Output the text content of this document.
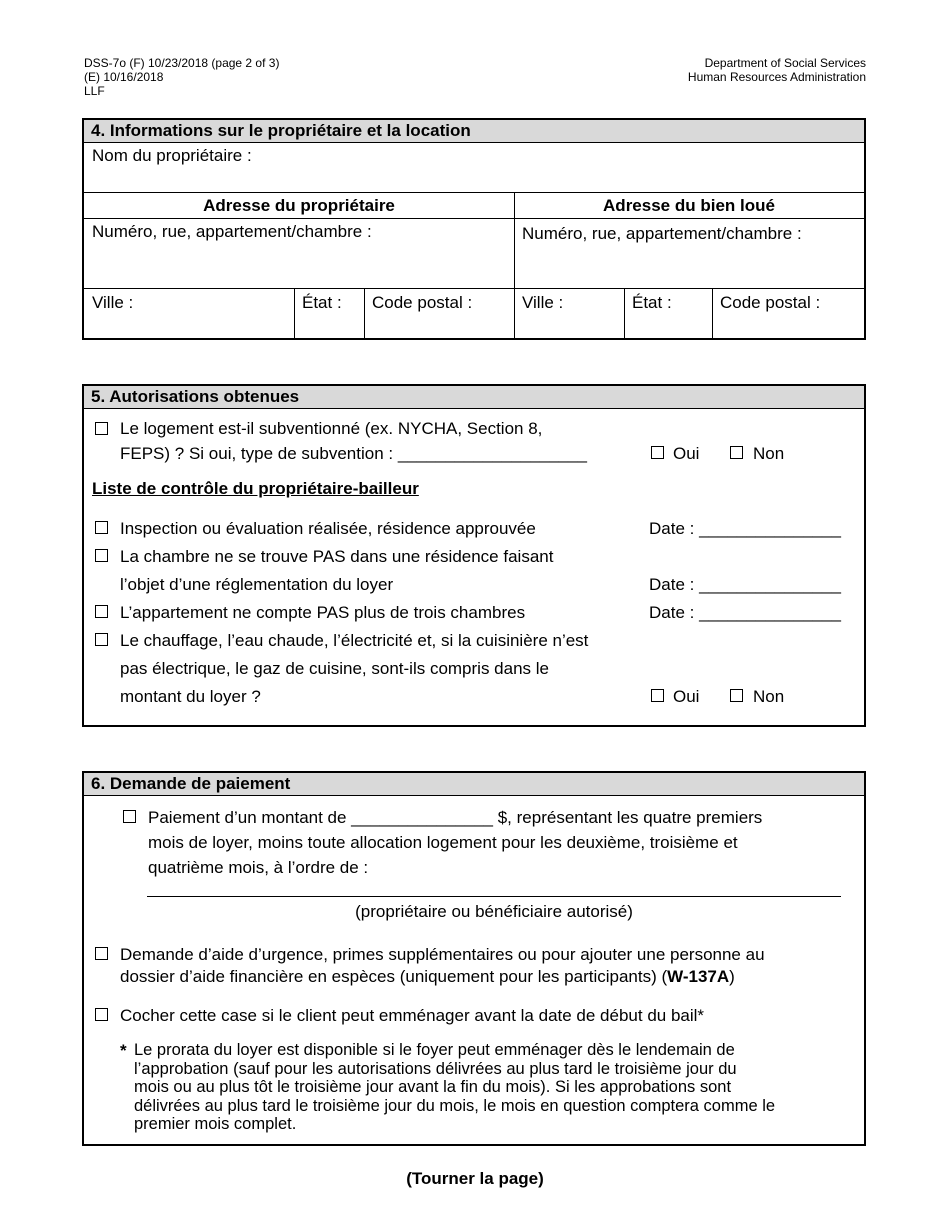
DSS-7o (F) 10/23/2018 (page 2 of 3)
(E) 10/16/2018
LLF
Department of Social Services
Human Resources Administration
4. Informations sur le propriétaire et la location
Nom du propriétaire :
Adresse du propriétaire	Adresse du bien loué
Numéro, rue, appartement/chambre :	Numéro, rue, appartement/chambre :
Ville :	État : Code postal :	Ville :	État :	Code postal :
5. Autorisations obtenues
Le logement est-il subventionné (ex. NYCHA, Section 8,
FEPS) ? Si oui, type de subvention : ____________________	Oui	Non
Liste de contrôle du propriétaire-bailleur
Inspection ou évaluation réalisée, résidence approuvée	Date : _______________
La chambre ne se trouve PAS dans une résidence faisant
l’objet d’une réglementation du loyer	Date : _______________
L’appartement ne compte PAS plus de trois chambres	Date : _______________
Le chauffage, l’eau chaude, l’électricité et, si la cuisinière n’est
pas électrique, le gaz de cuisine, sont-ils compris dans le
montant du loyer ?	Oui	Non
6. Demande de paiement
Paiement d’un montant de _______________ $, représentant les quatre premiers
mois de loyer, moins toute allocation logement pour les deuxième, troisième et
quatrième mois, à l’ordre de :
(propriétaire ou bénéficiaire autorisé)
Demande d’aide d’urgence, primes supplémentaires ou pour ajouter une personne au
dossier d’aide financière en espèces (uniquement pour les participants) (W-137A)
Cocher cette case si le client peut emménager avant la date de début du bail*
* Le prorata du loyer est disponible si le foyer peut emménager dès le lendemain de
l’approbation (sauf pour les autorisations délivrées au plus tard le troisième jour du
mois ou au plus tôt le troisième jour avant la fin du mois). Si les approbations sont
délivrées au plus tard le troisième jour du mois, le mois en question comptera comme le
premier mois complet.
(Tourner la page)
